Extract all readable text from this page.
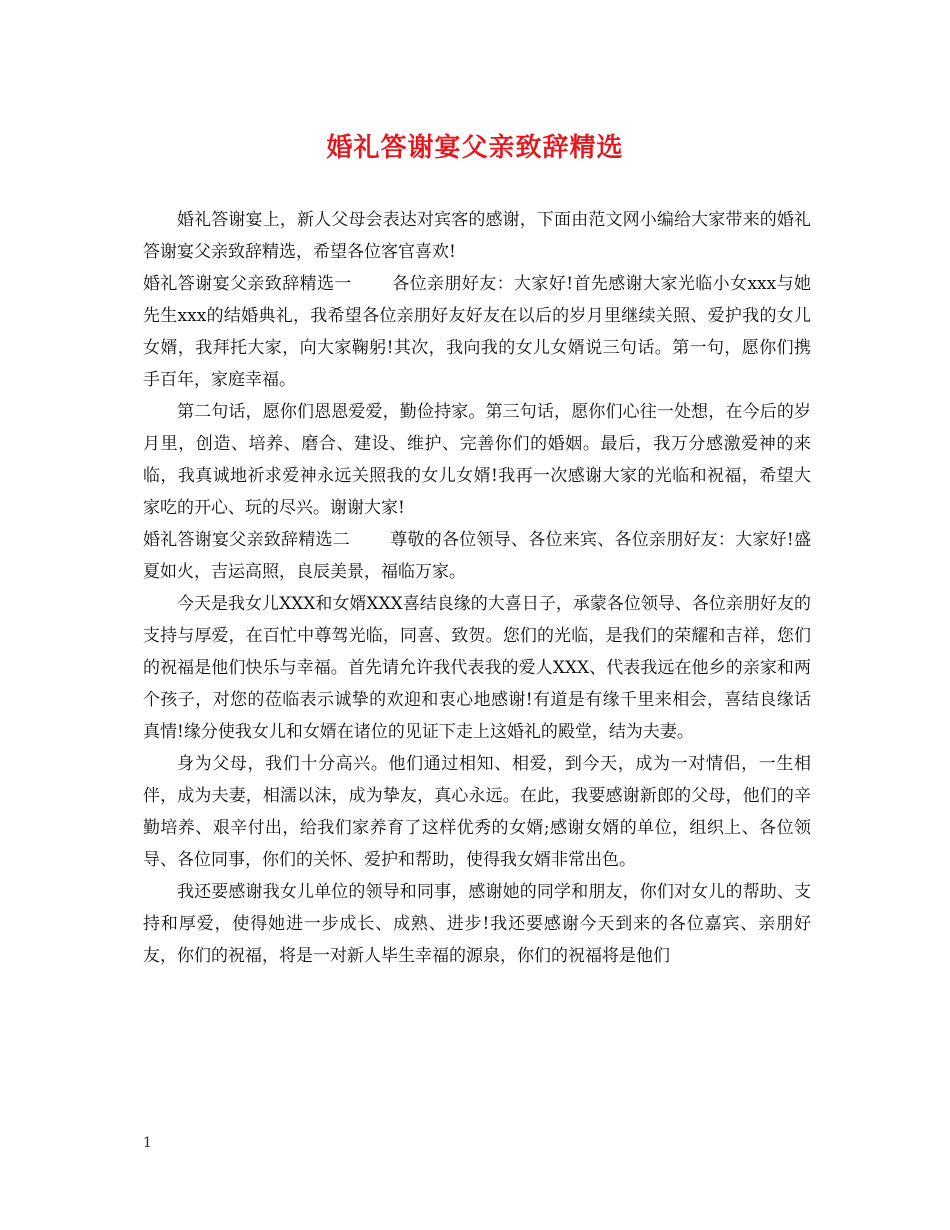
婚礼答谢宴父亲致辞精选

婚礼答谢宴上，新人父母会表达对宾客的感谢，下面由范文网小编给大家带来的婚礼答谢宴父亲致辞精选，希望各位客官喜欢!

婚礼答谢宴父亲致辞精选一 各位亲朋好友：大家好!首先感谢大家光临小女xxx与她先生xxx的结婚典礼，我希望各位亲朋好友好友在以后的岁月里继续关照、爱护我的女儿女婿，我拜托大家，向大家鞠躬!其次，我向我的女儿女婿说三句话。第一句，愿你们携手百年，家庭幸福。

第二句话，愿你们恩恩爱爱，勤俭持家。第三句话，愿你们心往一处想，在今后的岁月里，创造、培养、磨合、建设、维护、完善你们的婚姻。最后，我万分感激爱神的来临，我真诚地祈求爱神永远关照我的女儿女婿!我再一次感谢大家的光临和祝福，希望大家吃的开心、玩的尽兴。谢谢大家!

婚礼答谢宴父亲致辞精选二 尊敬的各位领导、各位来宾、各位亲朋好友：大家好!盛夏如火，吉运高照，良辰美景，福临万家。

今天是我女儿XXX和女婿XXX喜结良缘的大喜日子，承蒙各位领导、各位亲朋好友的支持与厚爱，在百忙中尊驾光临，同喜、致贺。您们的光临，是我们的荣耀和吉祥，您们的祝福是他们快乐与幸福。首先请允许我代表我的爱人XXX、代表我远在他乡的亲家和两个孩子，对您的莅临表示诚挚的欢迎和衷心地感谢!有道是有缘千里来相会，喜结良缘话真情!缘分使我女儿和女婿在诸位的见证下走上这婚礼的殿堂，结为夫妻。

身为父母，我们十分高兴。他们通过相知、相爱，到今天，成为一对情侣，一生相伴，成为夫妻，相濡以沫，成为挚友，真心永远。在此，我要感谢新郎的父母，他们的辛勤培养、艰辛付出，给我们家养育了这样优秀的女婿;感谢女婿的单位，组织上、各位领导、各位同事，你们的关怀、爱护和帮助，使得我女婿非常出色。

我还要感谢我女儿单位的领导和同事，感谢她的同学和朋友，你们对女儿的帮助、支持和厚爱，使得她进一步成长、成熟、进步!我还要感谢今天到来的各位嘉宾、亲朋好友，你们的祝福，将是一对新人毕生幸福的源泉，你们的祝福将是他们

1
